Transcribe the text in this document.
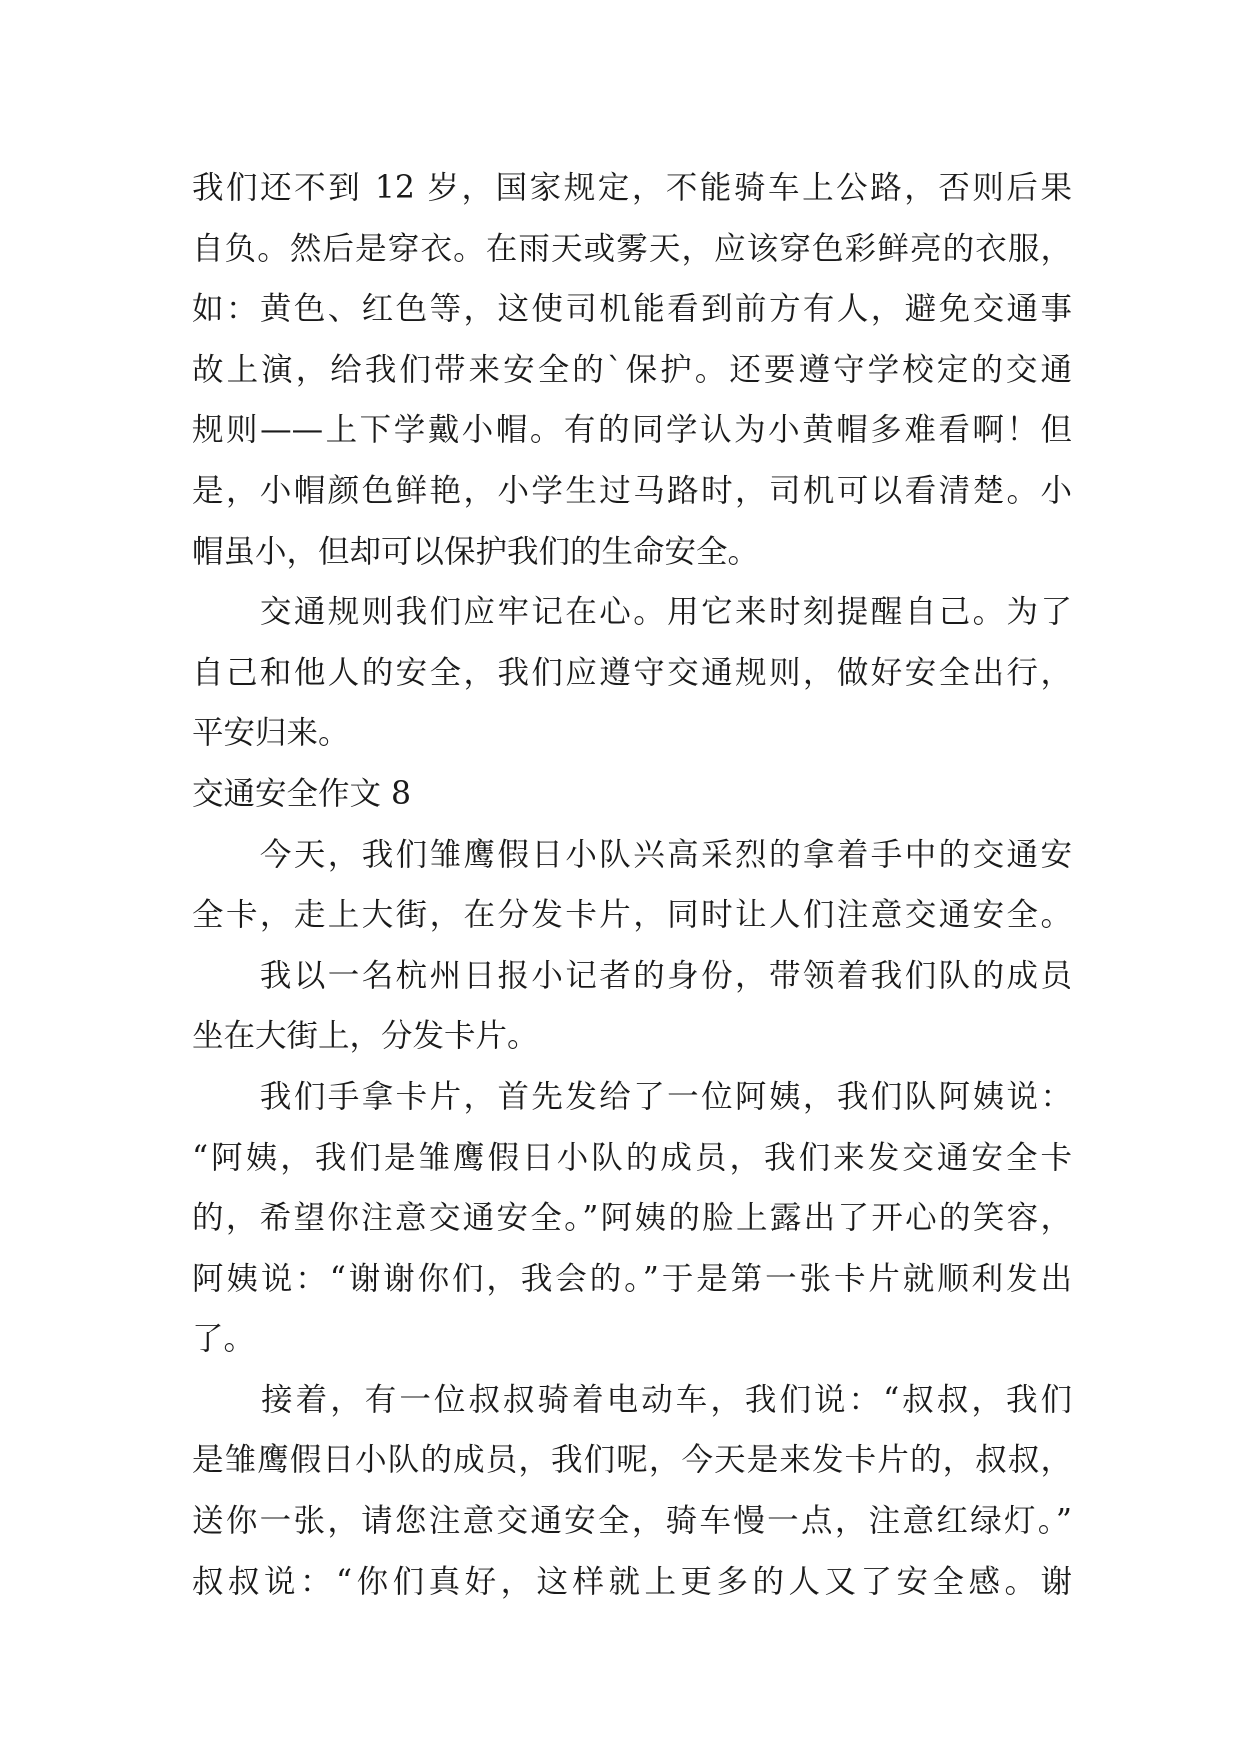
我们还不到 12 岁，国家规定，不能骑车上公路，否则后果
自负。然后是穿衣。在雨天或雾天，应该穿色彩鲜亮的衣服，
如：黄色、红色等，这使司机能看到前方有人，避免交通事
故上演，给我们带来安全的`保护。还要遵守学校定的交通
规则——上下学戴小帽。有的同学认为小黄帽多难看啊！但
是，小帽颜色鲜艳，小学生过马路时，司机可以看清楚。小
帽虽小，但却可以保护我们的生命安全。
　　交通规则我们应牢记在心。用它来时刻提醒自己。为了
自己和他人的安全，我们应遵守交通规则，做好安全出行，
平安归来。
交通安全作文 8
　　今天，我们雏鹰假日小队兴高采烈的拿着手中的交通安
全卡，走上大街，在分发卡片，同时让人们注意交通安全。
　　我以一名杭州日报小记者的身份，带领着我们队的成员
坐在大街上，分发卡片。
　　我们手拿卡片，首先发给了一位阿姨，我们队阿姨说：
“阿姨，我们是雏鹰假日小队的成员，我们来发交通安全卡
的，希望你注意交通安全。”阿姨的脸上露出了开心的笑容，
阿姨说：“谢谢你们，我会的。”于是第一张卡片就顺利发出
了。
　　接着，有一位叔叔骑着电动车，我们说：“叔叔，我们
是雏鹰假日小队的成员，我们呢，今天是来发卡片的，叔叔，
送你一张，请您注意交通安全，骑车慢一点，注意红绿灯。”
叔叔说：“你们真好，这样就上更多的人又了安全感。谢
